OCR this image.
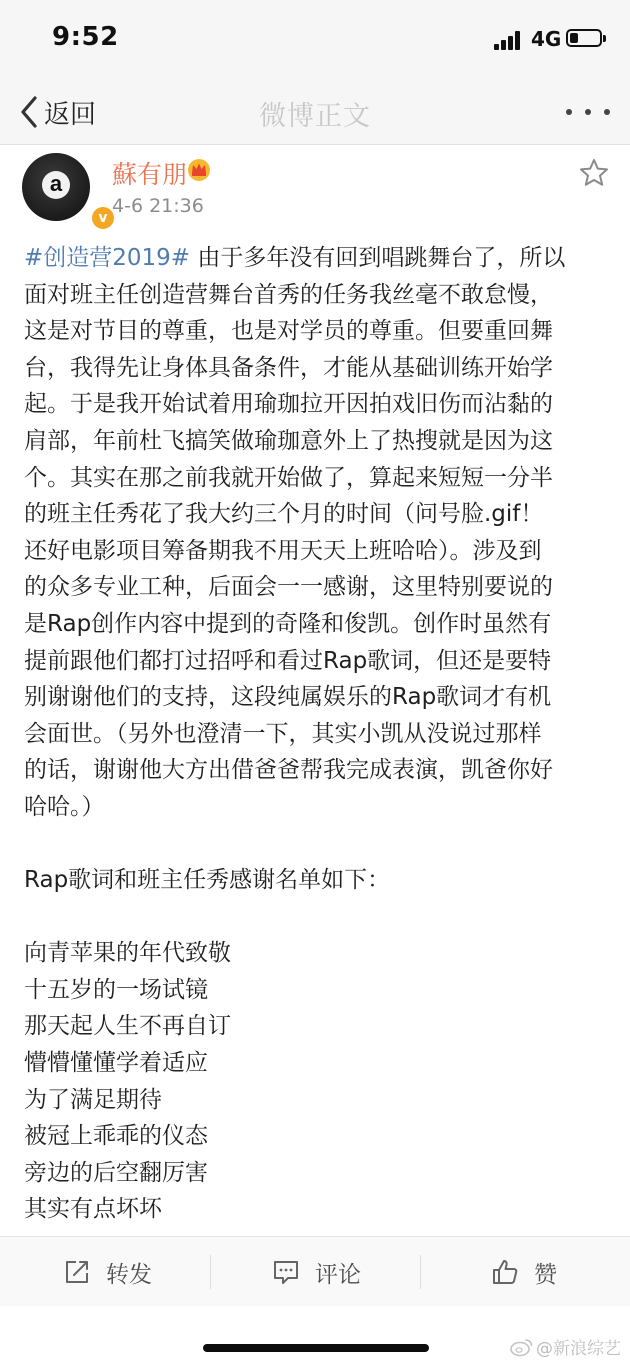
9:52	4G
返回	微博正文
a
v
蘇有朋
4-6 21:36
#创造营2019# 由于多年没有回到唱跳舞台了，所以
面对班主任创造营舞台首秀的任务我丝毫不敢怠慢，
这是对节目的尊重，也是对学员的尊重。但要重回舞
台，我得先让身体具备条件，才能从基础训练开始学
起。于是我开始试着用瑜珈拉开因拍戏旧伤而沾黏的
肩部，年前杜飞搞笑做瑜珈意外上了热搜就是因为这
个。其实在那之前我就开始做了，算起来短短一分半
的班主任秀花了我大约三个月的时间（问号脸.gif！
还好电影项目筹备期我不用天天上班哈哈）。涉及到
的众多专业工种，后面会一一感谢，这里特别要说的
是Rap创作内容中提到的奇隆和俊凯。创作时虽然有
提前跟他们都打过招呼和看过Rap歌词，但还是要特
别谢谢他们的支持，这段纯属娱乐的Rap歌词才有机
会面世。（另外也澄清一下，其实小凯从没说过那样
的话，谢谢他大方出借爸爸帮我完成表演，凯爸你好
哈哈。）
Rap歌词和班主任秀感谢名单如下：
向青苹果的年代致敬
十五岁的一场试镜
那天起人生不再自订
懵懵懂懂学着适应
为了满足期待
被冠上乖乖的仪态
旁边的后空翻厉害
其实有点坏坏
转发	评论	赞
@新浪综艺
